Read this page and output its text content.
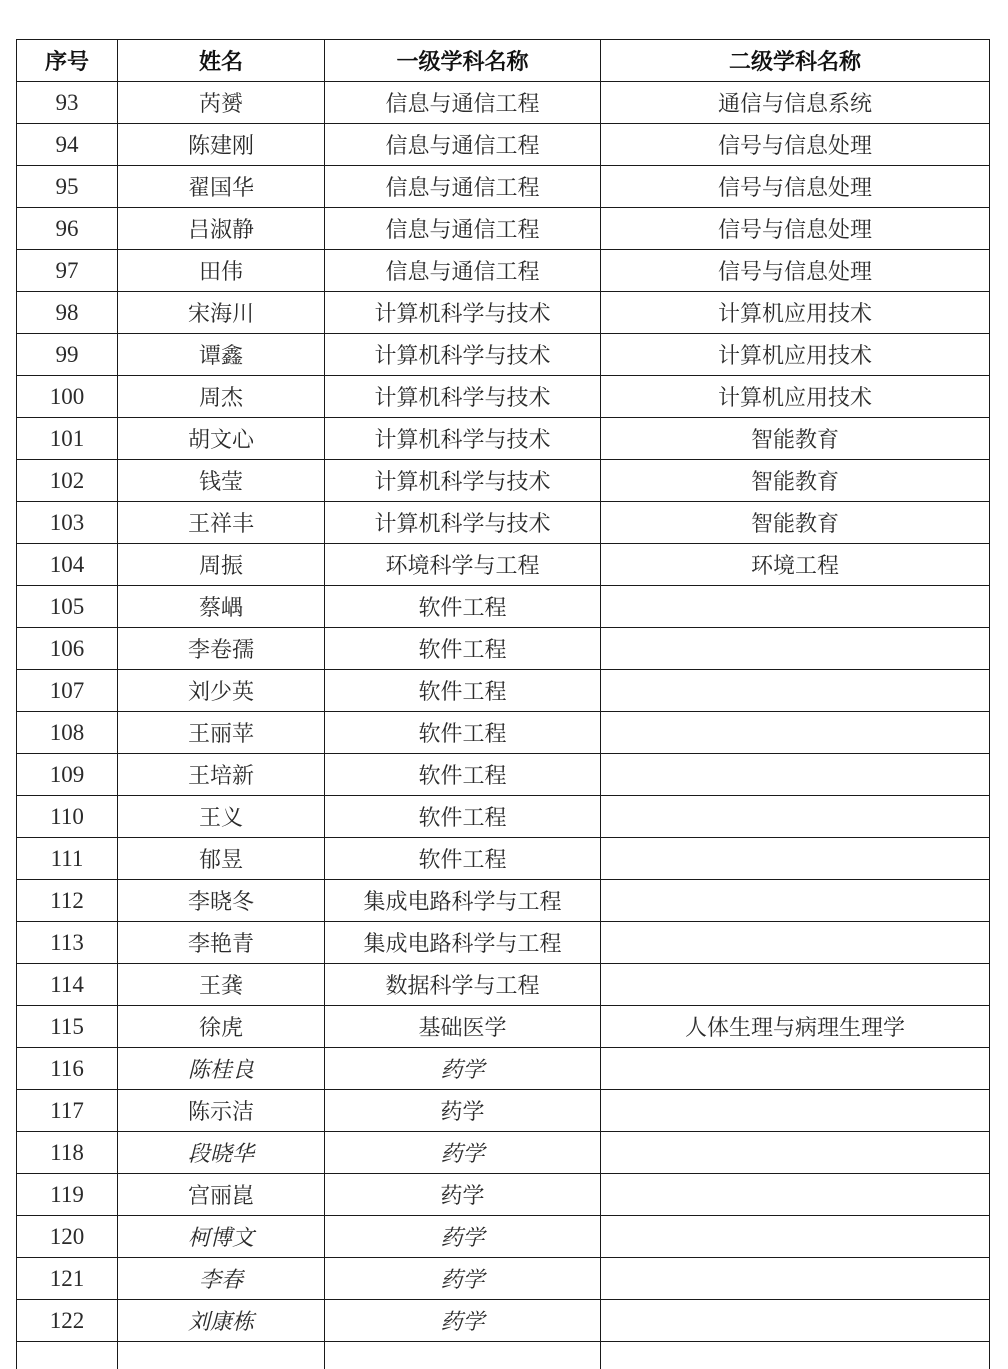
序号	姓名	一级学科名称	二级学科名称
93	芮赟	信息与通信工程	通信与信息系统
94	陈建刚	信息与通信工程	信号与信息处理
95	翟国华	信息与通信工程	信号与信息处理
96	吕淑静	信息与通信工程	信号与信息处理
97	田伟	信息与通信工程	信号与信息处理
98	宋海川	计算机科学与技术	计算机应用技术
99	谭鑫	计算机科学与技术	计算机应用技术
100	周杰	计算机科学与技术	计算机应用技术
101	胡文心	计算机科学与技术	智能教育
102	钱莹	计算机科学与技术	智能教育
103	王祥丰	计算机科学与技术	智能教育
104	周振	环境科学与工程	环境工程
105	蔡嵎	软件工程	
106	李卷孺	软件工程	
107	刘少英	软件工程	
108	王丽苹	软件工程	
109	王培新	软件工程	
110	王义	软件工程	
111	郁昱	软件工程	
112	李晓冬	集成电路科学与工程	
113	李艳青	集成电路科学与工程	
114	王龚	数据科学与工程	
115	徐虎	基础医学	人体生理与病理生理学
116	陈桂良	药学	
117	陈示洁	药学	
118	段晓华	药学	
119	宫丽崑	药学	
120	柯博文	药学	
121	李春	药学	
122	刘康栋	药学	
